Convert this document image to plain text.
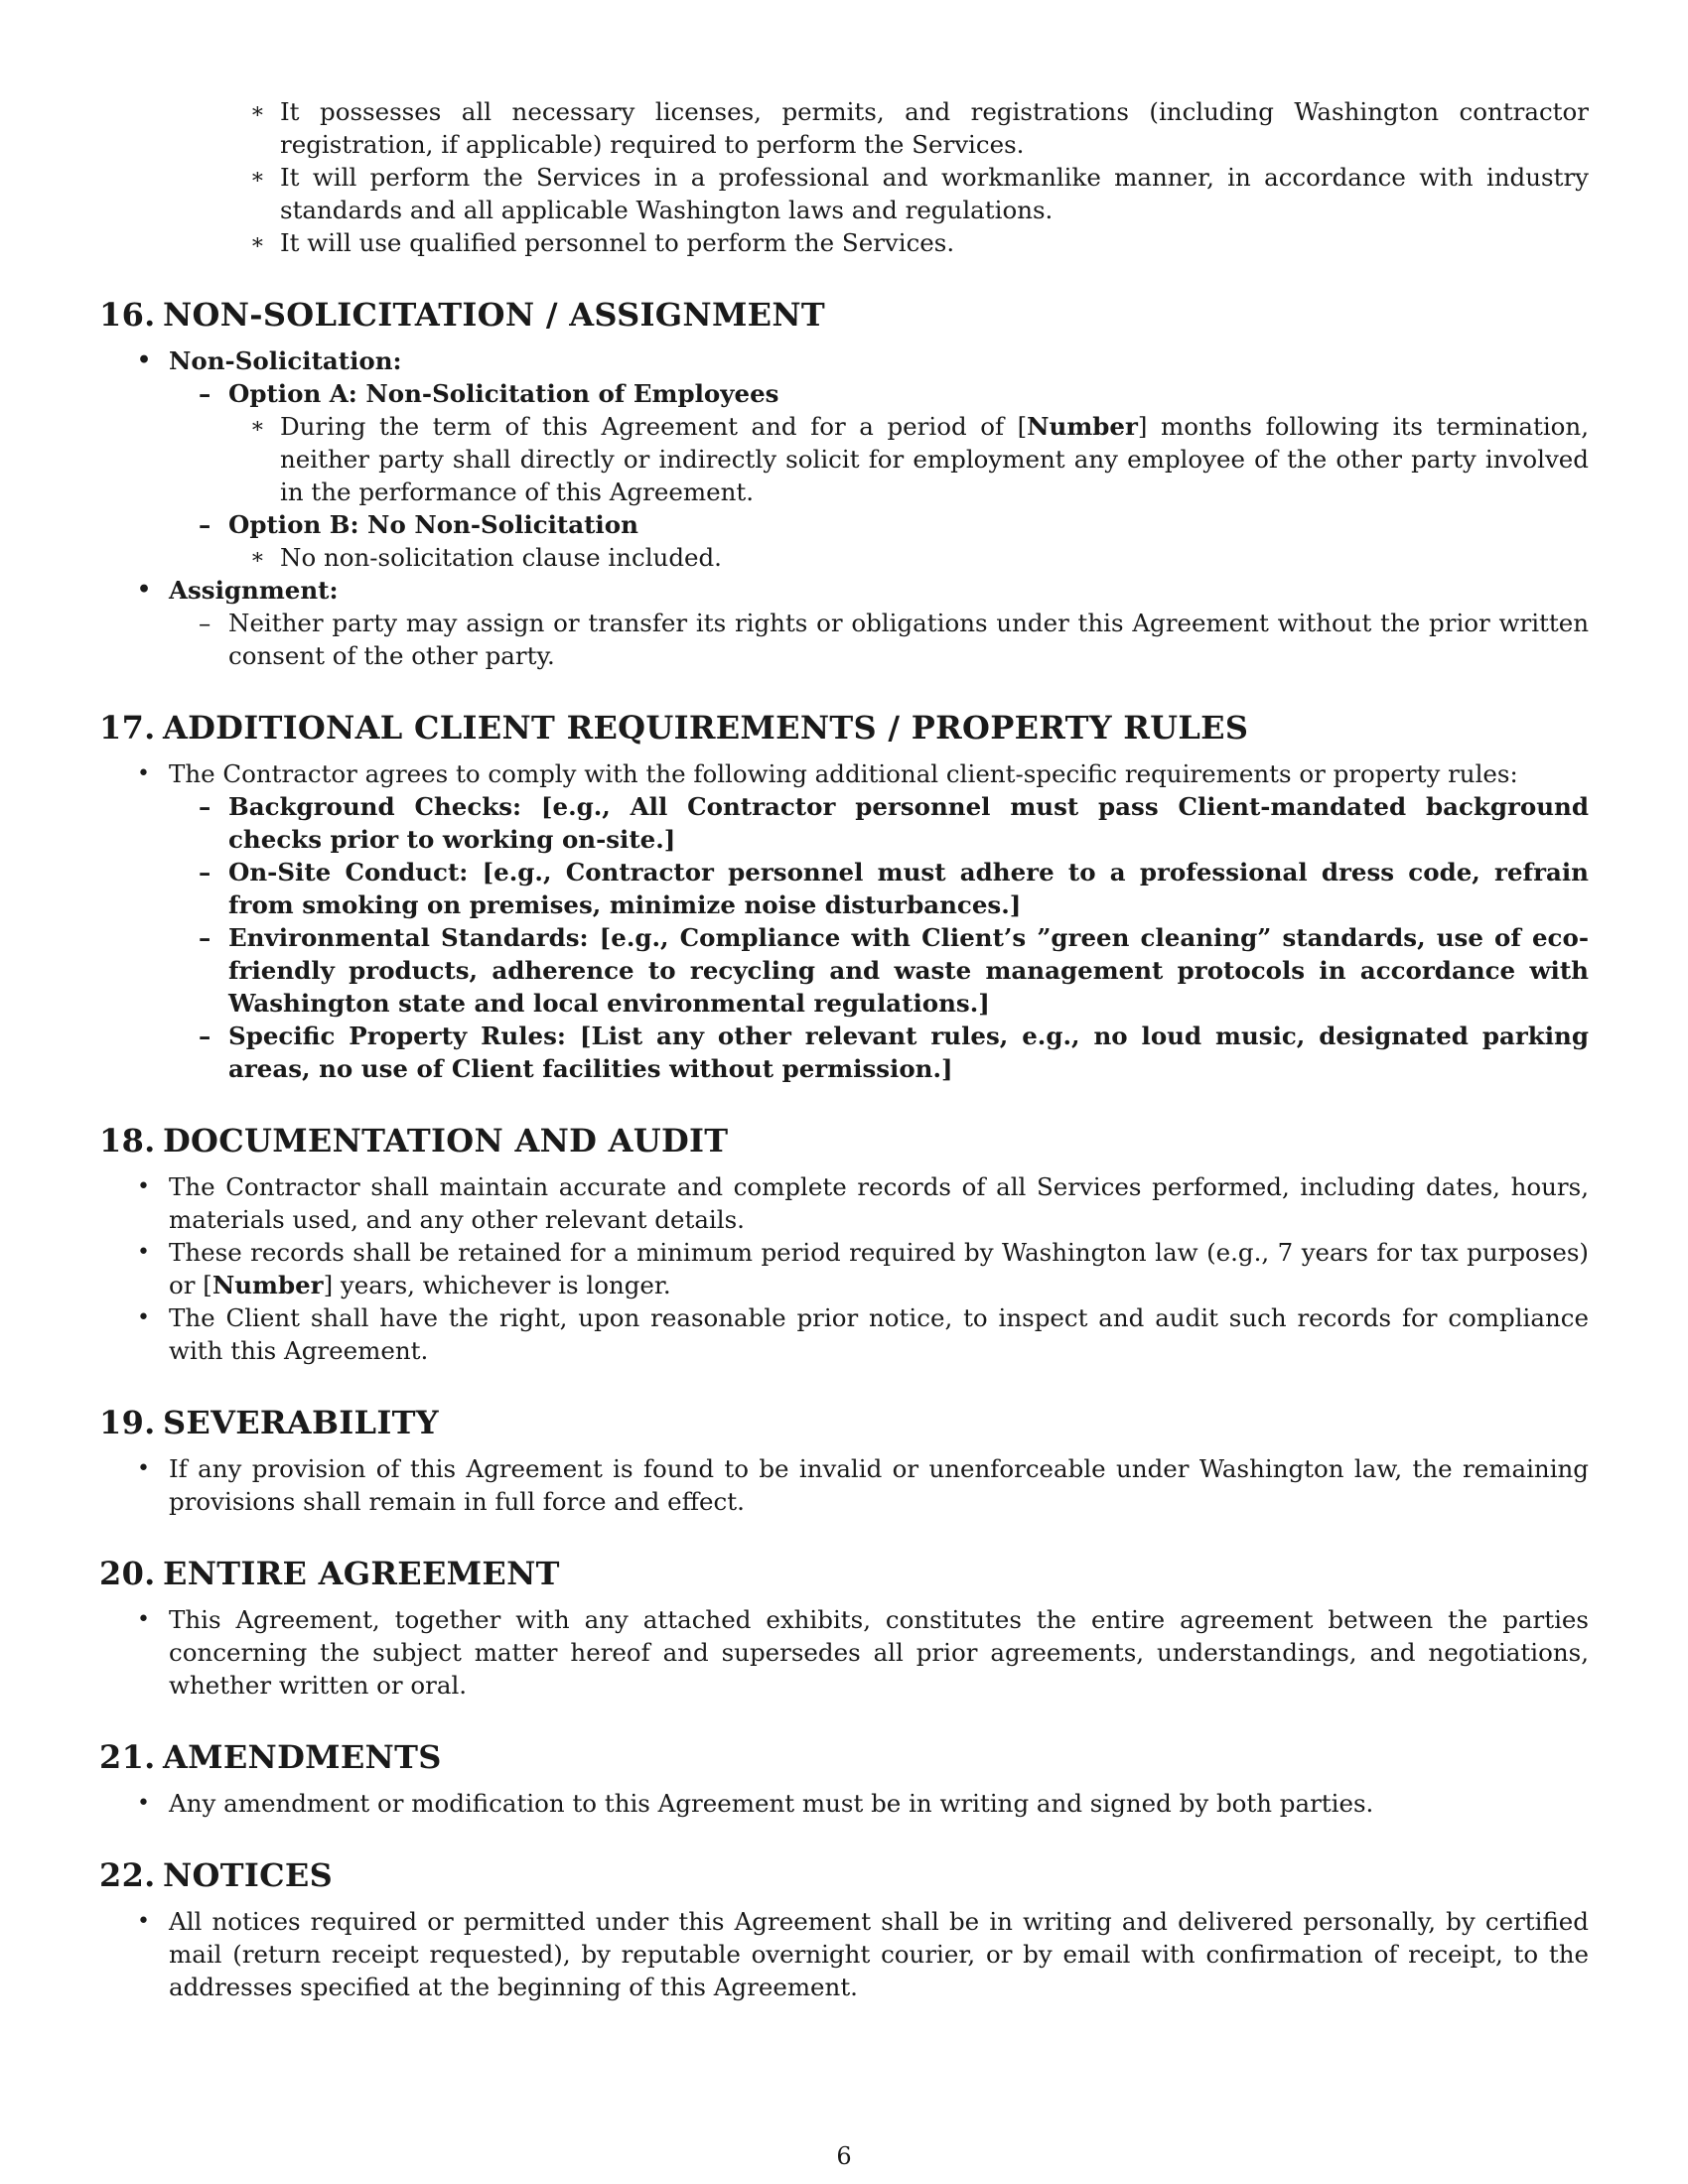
∗ It possesses all necessary licenses, permits, and registrations (including Washington contractor registration, if applicable) required to perform the Services.
∗ It will perform the Services in a professional and workmanlike manner, in accordance with industry standards and all applicable Washington laws and regulations.
∗ It will use qualified personnel to perform the Services.
16. NON-SOLICITATION / ASSIGNMENT
• Non-Solicitation:
– Option A: Non-Solicitation of Employees
∗ During the term of this Agreement and for a period of [Number] months following its termination, neither party shall directly or indirectly solicit for employment any employee of the other party involved in the performance of this Agreement.
– Option B: No Non-Solicitation
∗ No non-solicitation clause included.
• Assignment:
– Neither party may assign or transfer its rights or obligations under this Agreement without the prior written consent of the other party.
17. ADDITIONAL CLIENT REQUIREMENTS / PROPERTY RULES
• The Contractor agrees to comply with the following additional client-specific requirements or property rules:
– Background Checks: [e.g., All Contractor personnel must pass Client-mandated background checks prior to working on-site.]
– On-Site Conduct: [e.g., Contractor personnel must adhere to a professional dress code, refrain from smoking on premises, minimize noise disturbances.]
– Environmental Standards: [e.g., Compliance with Client’s ”green cleaning” standards, use of eco-friendly products, adherence to recycling and waste management protocols in accordance with Washington state and local environmental regulations.]
– Specific Property Rules: [List any other relevant rules, e.g., no loud music, designated parking areas, no use of Client facilities without permission.]
18. DOCUMENTATION AND AUDIT
• The Contractor shall maintain accurate and complete records of all Services performed, including dates, hours, materials used, and any other relevant details.
• These records shall be retained for a minimum period required by Washington law (e.g., 7 years for tax purposes) or [Number] years, whichever is longer.
• The Client shall have the right, upon reasonable prior notice, to inspect and audit such records for compliance with this Agreement.
19. SEVERABILITY
• If any provision of this Agreement is found to be invalid or unenforceable under Washington law, the remaining provisions shall remain in full force and effect.
20. ENTIRE AGREEMENT
• This Agreement, together with any attached exhibits, constitutes the entire agreement between the parties concerning the subject matter hereof and supersedes all prior agreements, understandings, and negotiations, whether written or oral.
21. AMENDMENTS
• Any amendment or modification to this Agreement must be in writing and signed by both parties.
22. NOTICES
• All notices required or permitted under this Agreement shall be in writing and delivered personally, by certified mail (return receipt requested), by reputable overnight courier, or by email with confirmation of receipt, to the addresses specified at the beginning of this Agreement.
6
